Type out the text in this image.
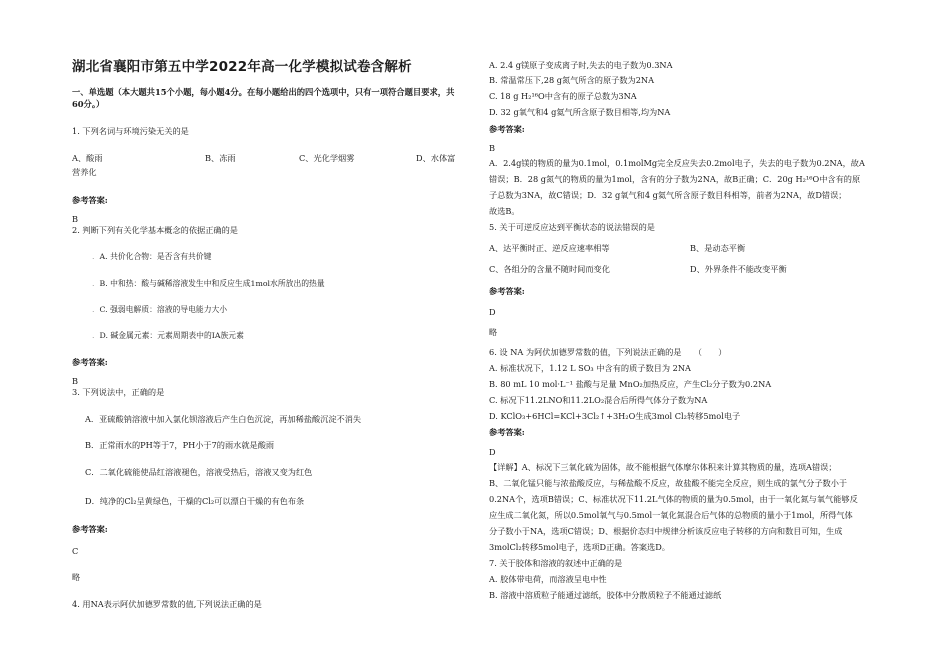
湖北省襄阳市第五中学2022年高一化学模拟试卷含解析
一、单选题（本大题共15个小题，每小题4分。在每小题给出的四个选项中，只有一项符合题目要求，共60分。）
1. 下列名词与环境污染无关的是
A、酸雨	B、冻雨	C、光化学烟雾	D、水体富
营养化
参考答案:
B
2. 判断下列有关化学基本概念的依据正确的是
. A. 共价化合物：是否含有共价键
. B. 中和热：酸与碱稀溶液发生中和反应生成1mol水所放出的热量
. C. 强弱电解质：溶液的导电能力大小
. D. 碱金属元素：元素周期表中的IA族元素
参考答案:
B
3. 下列说法中，正确的是
A．亚硫酸钠溶液中加入氯化钡溶液后产生白色沉淀，再加稀盐酸沉淀不消失
B．正常雨水的PH等于7，PH小于7的雨水就是酸雨
C．二氧化硫能使品红溶液褪色，溶液受热后，溶液又变为红色
D．纯净的Cl₂呈黄绿色，干燥的Cl₂可以漂白干燥的有色布条
参考答案:
C
略
4. 用NA表示阿伏加德罗常数的值,下列说法正确的是
A. 2.4 g镁原子变成离子时,失去的电子数为0.3NA
B. 常温常压下,28 g氮气所含的原子数为2NA
C. 18 g H₂¹⁶O中含有的原子总数为3NA
D. 32 g氧气和4 g氦气所含原子数目相等,均为NA
参考答案:
B
A．2.4g镁的物质的量为0.1mol，0.1molMg完全反应失去0.2mol电子，失去的电子数为0.2NA，故A
错误；B．28 g氮气的物质的量为1mol，含有的分子数为2NA，故B正确；C．20g H₂¹⁶O中含有的原
子总数为3NA，故C错误；D．32 g氧气和4 g氦气所含原子数目科相等，前者为2NA，故D错误；
故选B。
5. 关于可逆反应达到平衡状态的说法错误的是
A、达平衡时正、逆反应速率相等	B、是动态平衡
C、各组分的含量不随时间而变化	D、外界条件不能改变平衡
参考答案:
D
略
6. 设 NA 为阿伏加德罗常数的值，下列说法正确的是　　（　　）
A. 标准状况下，1.12 L SO₃ 中含有的质子数目为 2NA
B. 80 mL 10 mol·L⁻¹ 盐酸与足量 MnO₂加热反应，产生Cl₂分子数为0.2NA
C. 标况下11.2LNO和11.2LO₂混合后所得气体分子数为NA
D. KClO₃+6HCl=KCl+3Cl₂↑+3H₂O生成3mol Cl₂转移5mol电子
参考答案:
D
【详解】A、标况下三氧化硫为固体，故不能根据气体摩尔体积来计算其物质的量，选项A错误；
B、二氧化锰只能与浓盐酸反应，与稀盐酸不反应，故盐酸不能完全反应，则生成的氯气分子数小于
0.2NA个，选项B错误；C、标准状况下11.2L气体的物质的量为0.5mol，由于一氧化氮与氧气能够反
应生成二氧化氮，所以0.5mol氧气与0.5mol一氧化氮混合后气体的总物质的量小于1mol，所得气体
分子数小于NA，选项C错误；D、根据价态归中规律分析该反应电子转移的方向和数目可知，生成
3molCl₂转移5mol电子，选项D正确。答案选D。
7. 关于胶体和溶液的叙述中正确的是
A. 胶体带电荷，而溶液呈电中性
B. 溶液中溶质粒子能通过滤纸，胶体中分散质粒子不能通过滤纸
